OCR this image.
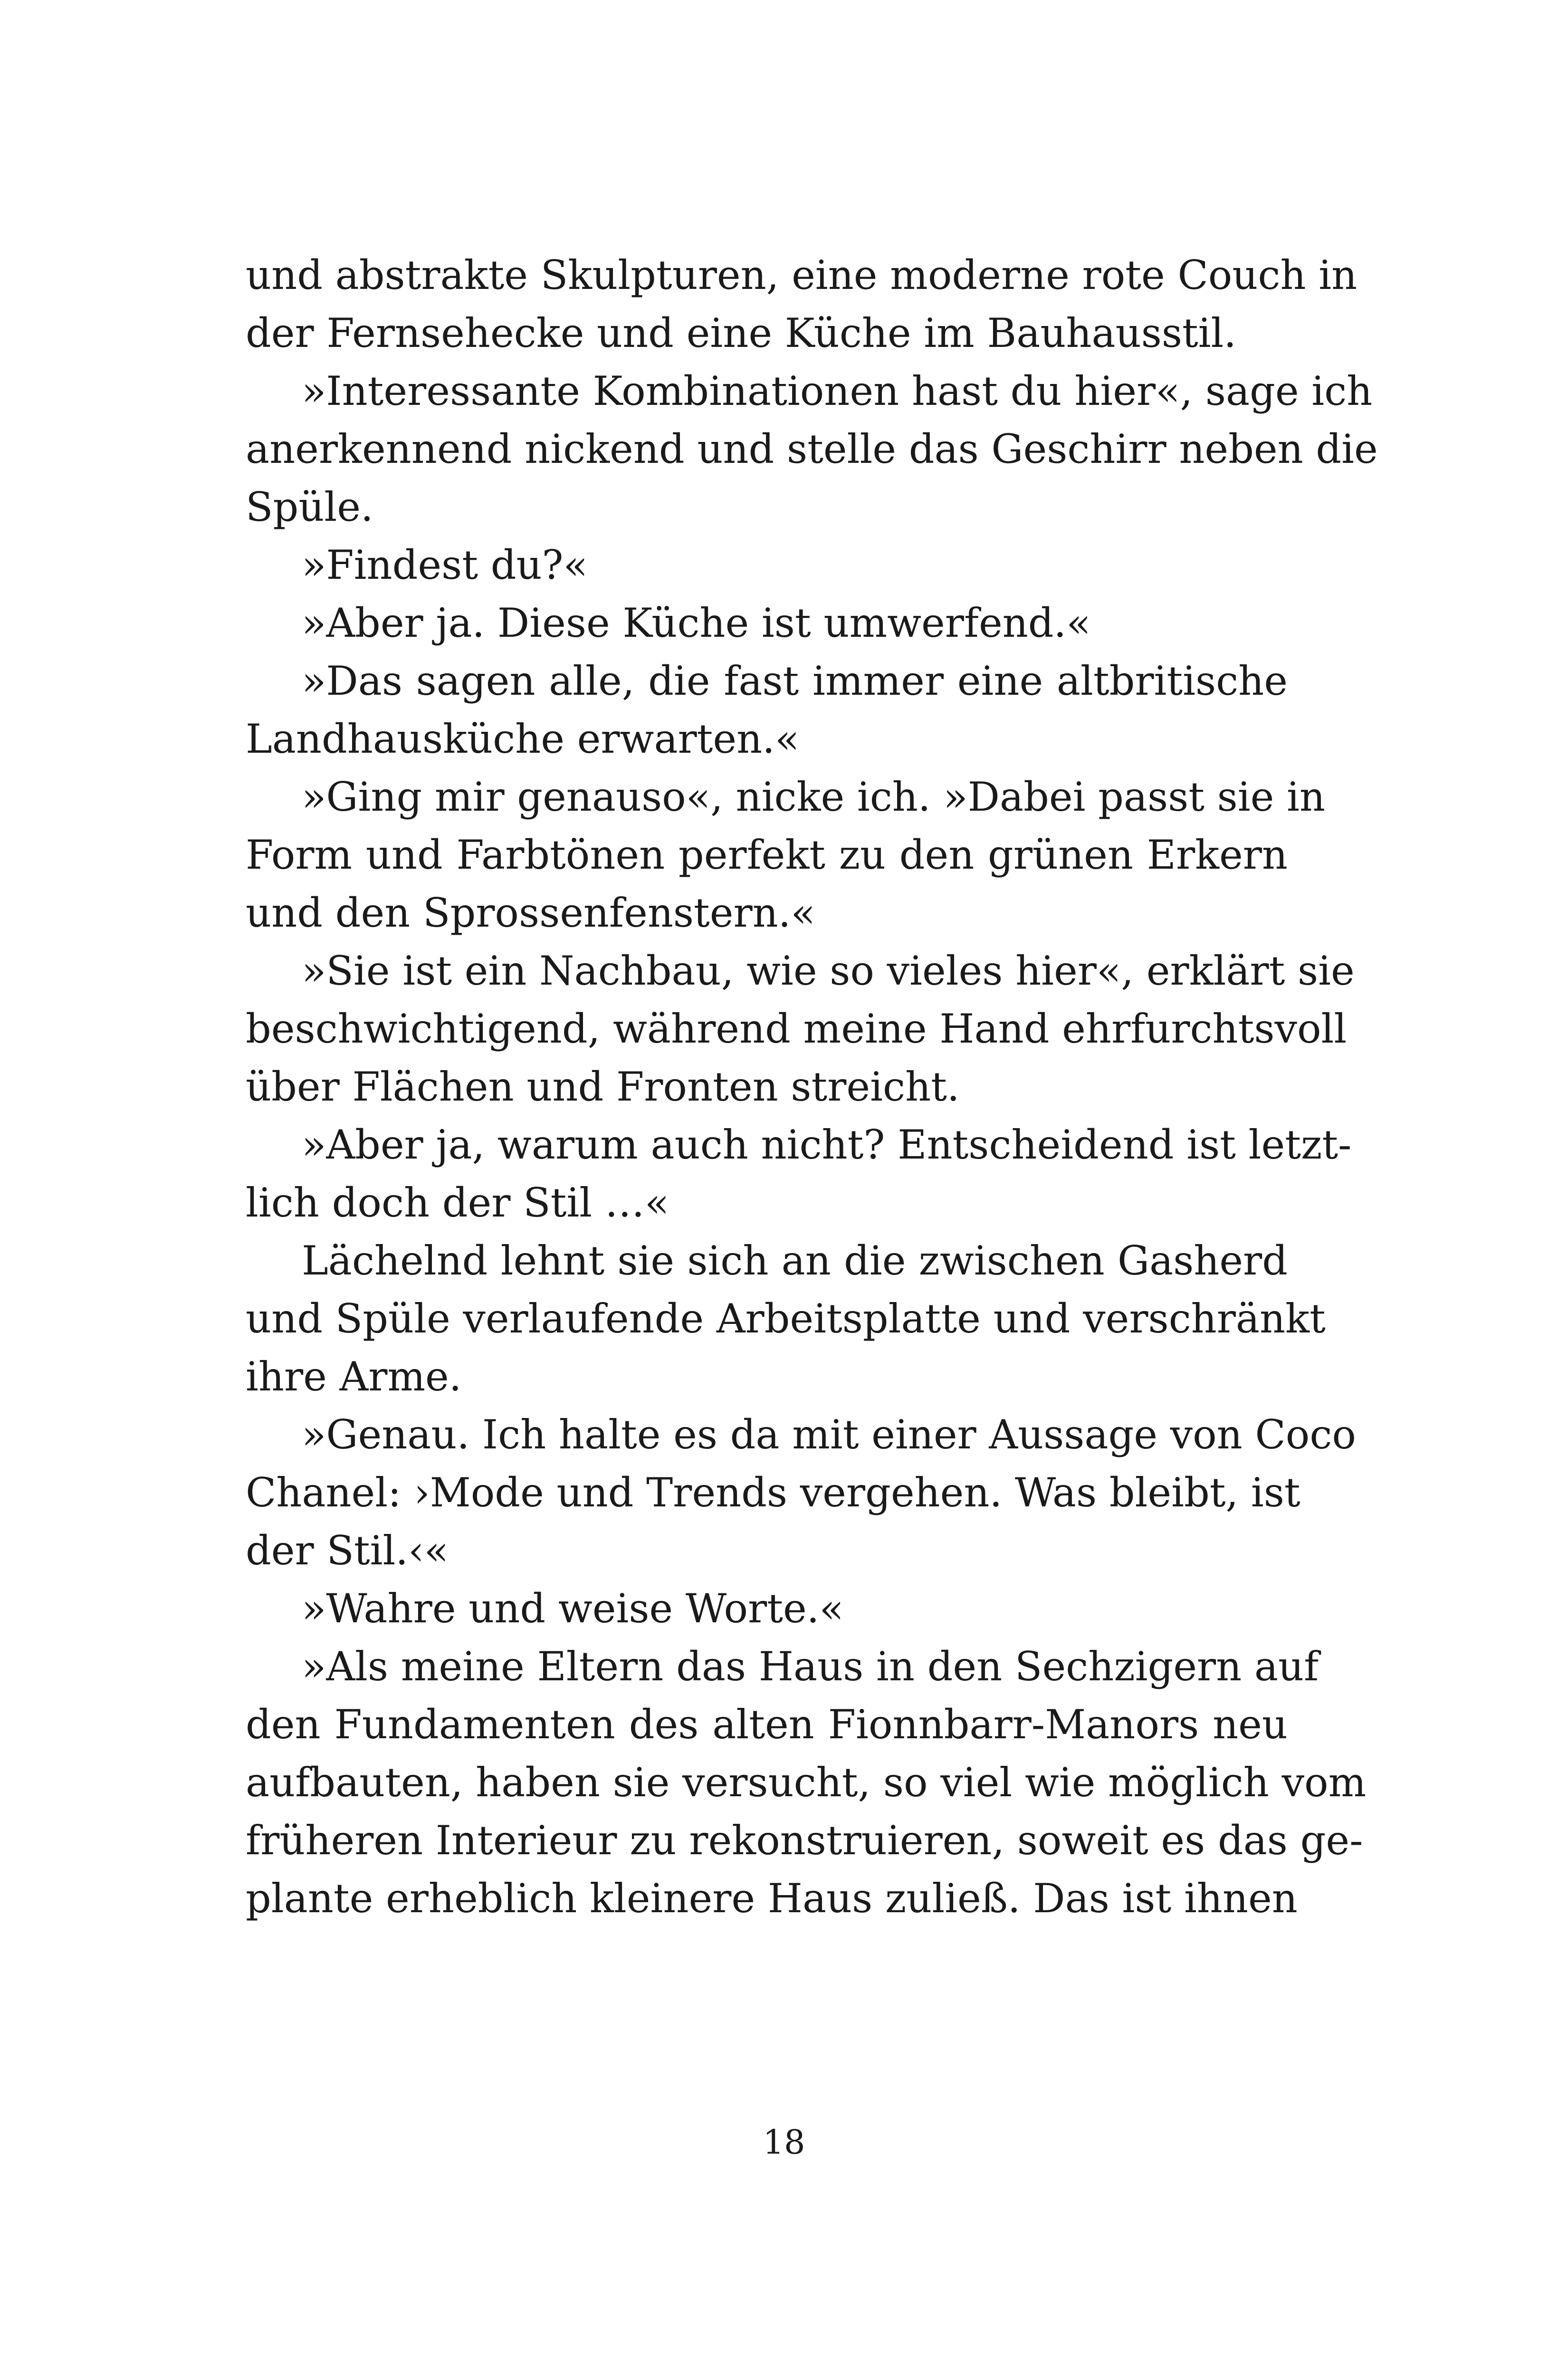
und abstrakte Skulpturen, eine moderne rote Couch in
der Fernsehecke und eine Küche im Bauhausstil.
»Interessante Kombinationen hast du hier«, sage ich
anerkennend nickend und stelle das Geschirr neben die
Spüle.
»Findest du?«
»Aber ja. Diese Küche ist umwerfend.«
»Das sagen alle, die fast immer eine altbritische
Landhausküche erwarten.«
»Ging mir genauso«, nicke ich. »Dabei passt sie in
Form und Farbtönen perfekt zu den grünen Erkern
und den Sprossenfenstern.«
»Sie ist ein Nachbau, wie so vieles hier«, erklärt sie
beschwichtigend, während meine Hand ehrfurchtsvoll
über Flächen und Fronten streicht.
»Aber ja, warum auch nicht? Entscheidend ist letzt-
lich doch der Stil …«
Lächelnd lehnt sie sich an die zwischen Gasherd
und Spüle verlaufende Arbeitsplatte und verschränkt
ihre Arme.
»Genau. Ich halte es da mit einer Aussage von Coco
Chanel: ›Mode und Trends vergehen. Was bleibt, ist
der Stil.‹«
»Wahre und weise Worte.«
»Als meine Eltern das Haus in den Sechzigern auf
den Fundamenten des alten Fionnbarr-Manors neu
aufbauten, haben sie versucht, so viel wie möglich vom
früheren Interieur zu rekonstruieren, soweit es das ge-
plante erheblich kleinere Haus zuließ. Das ist ihnen
18
